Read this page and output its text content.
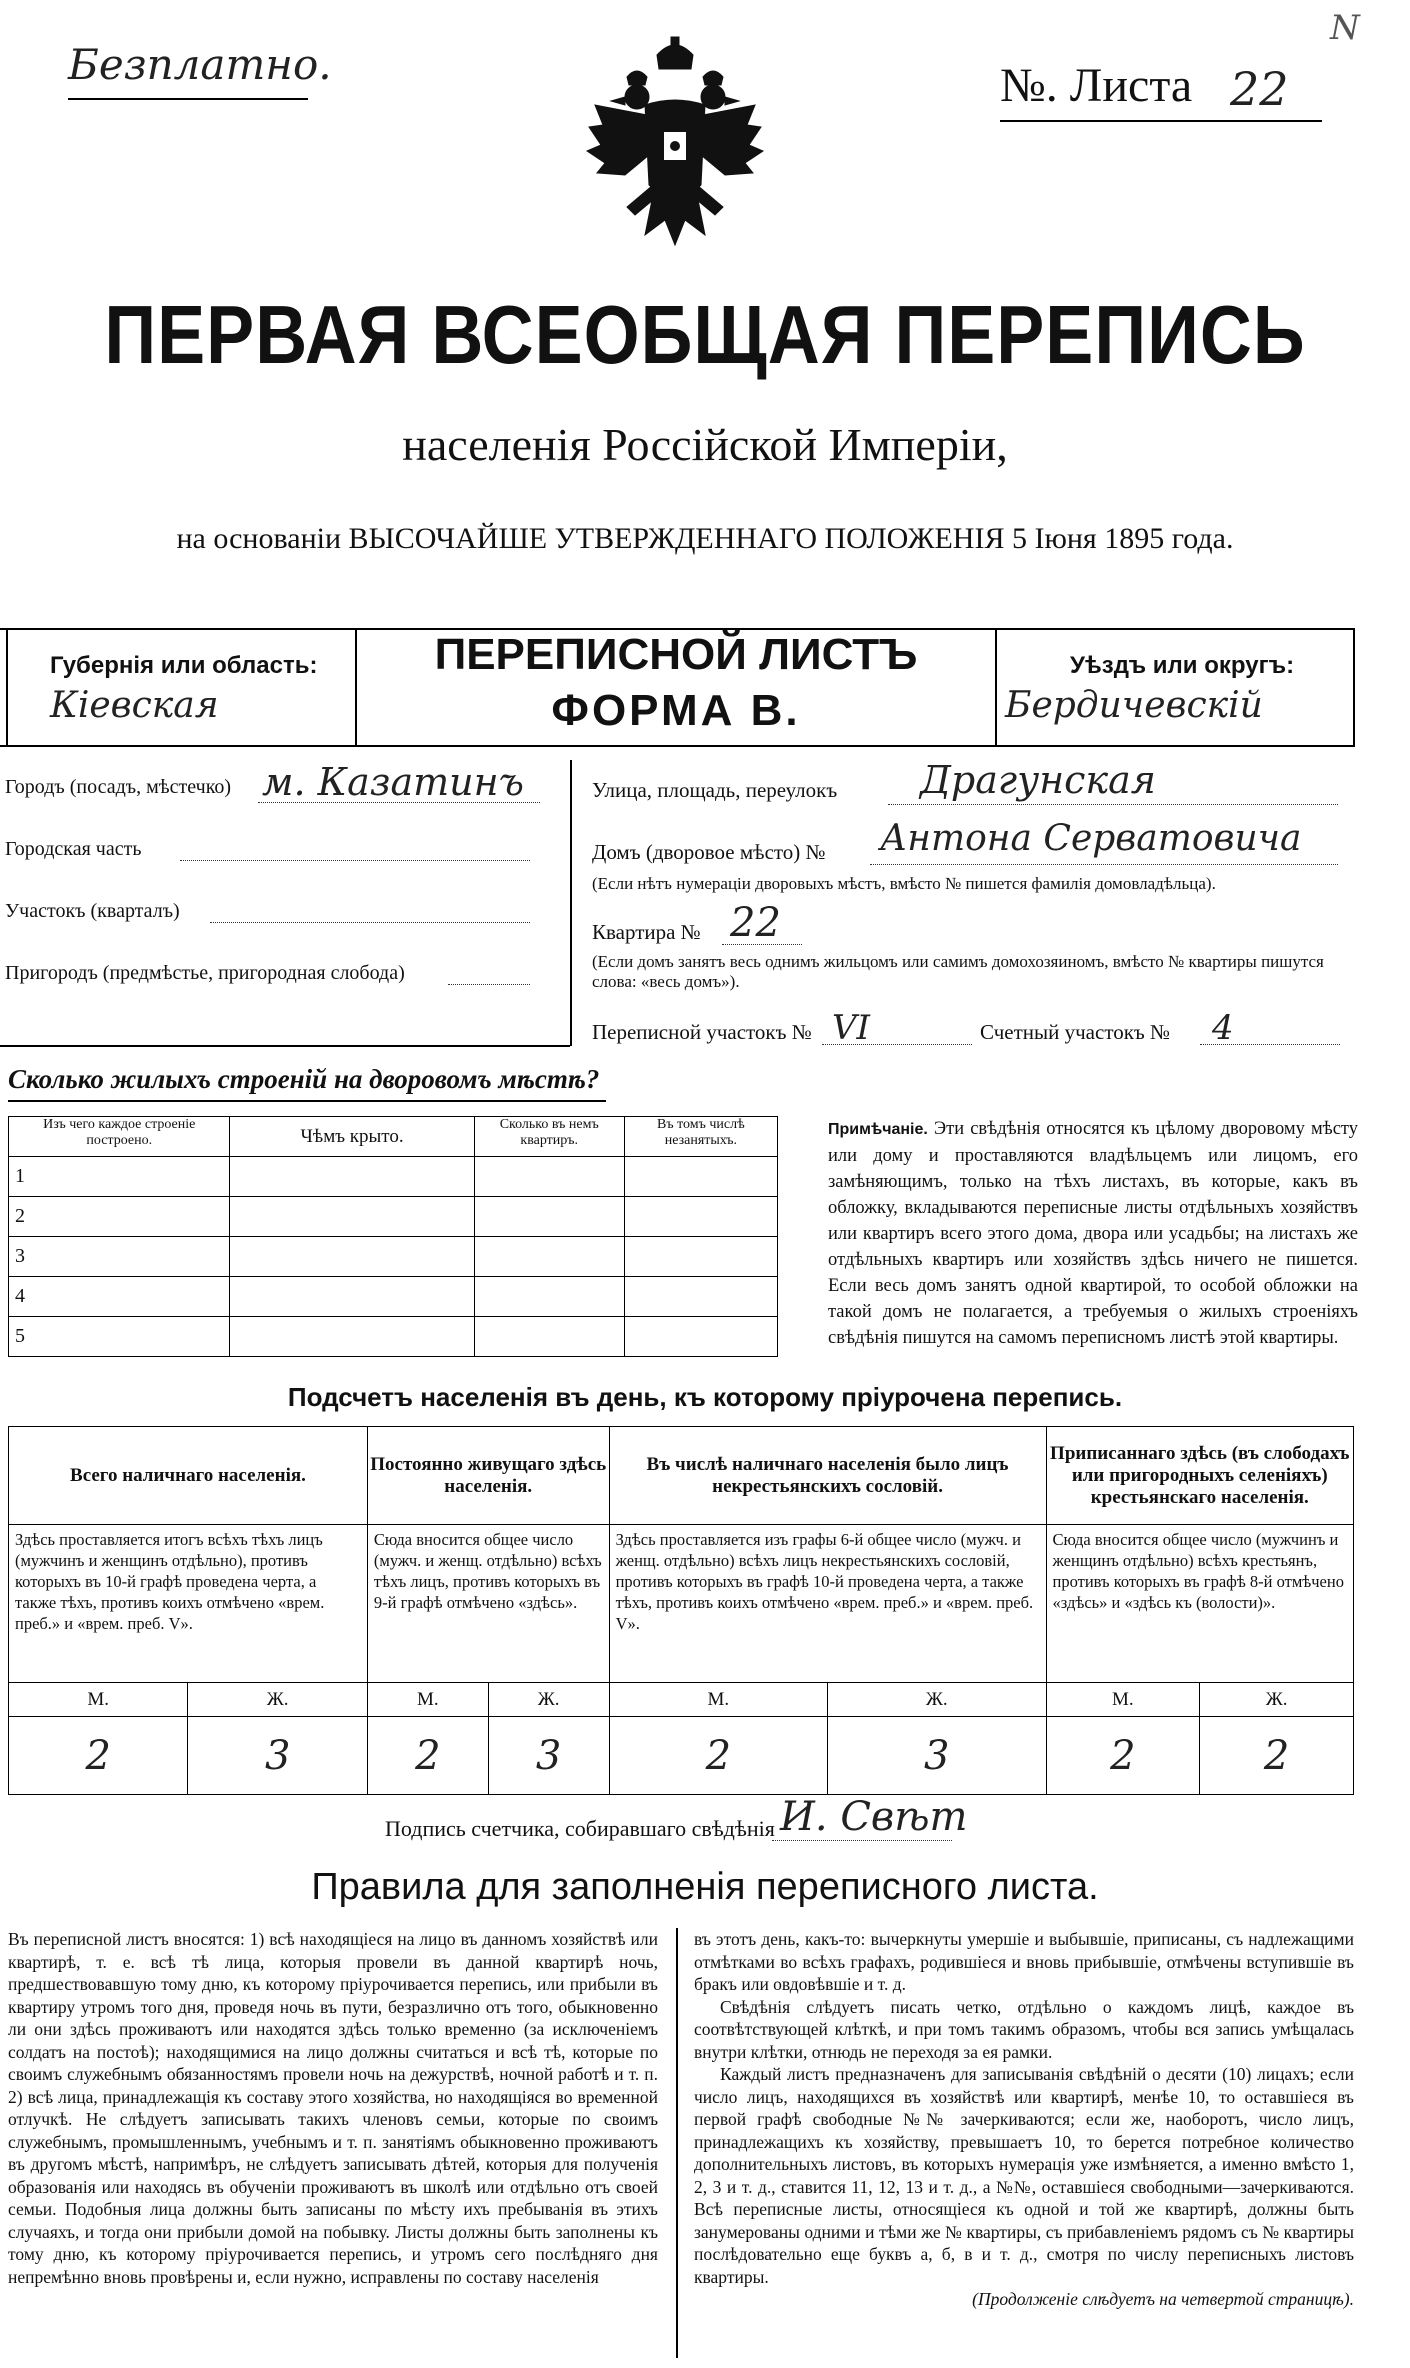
Безплатно.	№. Листа 22
N
ПЕРВАЯ ВСЕОБЩАЯ ПЕРЕПИСЬ
населенія Россійской Имперіи,
на основаніи ВЫСОЧАЙШЕ УТВЕРЖДЕННАГО ПОЛОЖЕНІЯ 5 Іюня 1895 года.
Губернія или область:
Кіевская
ПЕРЕПИСНОЙ ЛИСТЪ
ФОРМА В.
Уѣздъ или округъ:
Бердичевскій
Городъ (посадъ, мѣстечко) м. Казатинъ
Городская часть
Участокъ (кварталъ)
Пригородъ (предмѣстье, пригородная слобода)
Улица, площадь, переулокъ Драгунская
Домъ (дворовое мѣсто) № Антона Серватовича
(Если нѣтъ нумераціи дворовыхъ мѣстъ, вмѣсто № пишется фамилія домовладѣльца).
Квартира № 22
(Если домъ занятъ весь однимъ жильцомъ или самимъ домохозяиномъ, вмѣсто № квартиры пишутся слова: «весь домъ»).
Переписной участокъ № VI	Счетный участокъ № 4
Сколько жилыхъ строеній на дворовомъ мѣстѣ?
Изъ чего каждое строеніе построено.	Чѣмъ крыто.	Сколько въ немъ квартиръ.	Въ томъ числѣ незанятыхъ.
1			
2			
3			
4			
5			
Примѣчаніе. Эти свѣдѣнія относятся къ цѣлому дворовому мѣсту или дому и проставляются владѣльцемъ или лицомъ, его замѣняющимъ, только на тѣхъ листахъ, въ которые, какъ въ обложку, вкладываются переписные листы отдѣльныхъ хозяйствъ или квартиръ всего этого дома, двора или усадьбы; на листахъ же отдѣльныхъ квартиръ или хозяйствъ здѣсь ничего не пишется. Если весь домъ занятъ одной квартирой, то особой обложки на такой домъ не полагается, а требуемыя о жилыхъ строеніяхъ свѣдѣнія пишутся на самомъ переписномъ листѣ этой квартиры.
Подсчетъ населенія въ день, къ которому пріурочена перепись.
Всего наличнаго населенія.		Постоянно живущаго здѣсь населенія.		Въ числѣ наличнаго населенія было лицъ некрестьянскихъ сословій.		Приписаннаго здѣсь (въ слободахъ или пригородныхъ селеніяхъ) крестьянскаго населенія.	
Здѣсь проставляется итогъ всѣхъ тѣхъ лицъ (мужчинъ и женщинъ отдѣльно), противъ которыхъ въ 10-й графѣ проведена черта, а также тѣхъ, противъ коихъ отмѣчено «врем. преб.» и «врем. преб. V».		Сюда вносится общее число (мужч. и женщ. отдѣльно) всѣхъ тѣхъ лицъ, противъ которыхъ въ 9-й графѣ отмѣчено «здѣсь».		Здѣсь проставляется изъ графы 6-й общее число (мужч. и женщ. отдѣльно) всѣхъ лицъ некрестьянскихъ сословій, противъ которыхъ въ графѣ 10-й проведена черта, а также тѣхъ, противъ коихъ отмѣчено «врем. преб.» и «врем. преб. V».		Сюда вносится общее число (мужчинъ и женщинъ отдѣльно) всѣхъ крестьянъ, противъ которыхъ въ графѣ 8-й отмѣчено «здѣсь» и «здѣсь къ (волости)».	
М.	Ж.	М.	Ж.	М.	Ж.	М.	Ж.
2	3	2	3	2	3	2	2
Подпись счетчика, собиравшаго свѣдѣнія И. Свѣт
Правила для заполненія переписного листа.
Въ переписной листъ вносятся: 1) всѣ находящіеся на лицо въ данномъ хозяйствѣ или квартирѣ, т. е. всѣ тѣ лица, которыя провели въ данной квартирѣ ночь, предшествовавшую тому дню, къ которому пріурочивается перепись, или прибыли въ квартиру утромъ того дня, проведя ночь въ пути, безразлично отъ того, обыкновенно ли они здѣсь проживаютъ или находятся здѣсь только временно (за исключеніемъ солдатъ на постоѣ); находящимися на лицо должны считаться и всѣ тѣ, которые по своимъ служебнымъ обязанностямъ провели ночь на дежурствѣ, ночной работѣ и т. п. 2) всѣ лица, принадлежащія къ составу этого хозяйства, но находящіяся во временной отлучкѣ. Не слѣдуетъ записывать такихъ членовъ семьи, которые по своимъ служебнымъ, промышленнымъ, учебнымъ и т. п. занятіямъ обыкновенно проживаютъ въ другомъ мѣстѣ, напримѣръ, не слѣдуетъ записывать дѣтей, которыя для полученія образованія или находясь въ обученіи проживаютъ въ школѣ или отдѣльно отъ своей семьи. Подобныя лица должны быть записаны по мѣсту ихъ пребыванія въ этихъ случаяхъ, и тогда они прибыли домой на побывку. Листы должны быть заполнены къ тому дню, къ которому пріурочивается перепись, и утромъ сего послѣдняго дня непремѣнно вновь провѣрены и, если нужно, исправлены по составу населенія
въ этотъ день, какъ-то: вычеркнуты умершіе и выбывшіе, приписаны, съ надлежащими отмѣтками во всѣхъ графахъ, родившіеся и вновь прибывшіе, отмѣчены вступившіе въ бракъ или овдовѣвшіе и т. д.
Свѣдѣнія слѣдуетъ писать четко, отдѣльно о каждомъ лицѣ, каждое въ соотвѣтствующей клѣткѣ, и при томъ такимъ образомъ, чтобы вся запись умѣщалась внутри клѣтки, отнюдь не переходя за ея рамки.
Каждый листъ предназначенъ для записыванія свѣдѣній о десяти (10) лицахъ; если число лицъ, находящихся въ хозяйствѣ или квартирѣ, менѣе 10, то оставшіеся въ первой графѣ свободные №№ зачеркиваются; если же, наоборотъ, число лицъ, принадлежащихъ къ хозяйству, превышаетъ 10, то берется потребное количество дополнительныхъ листовъ, въ которыхъ нумерація уже измѣняется, а именно вмѣсто 1, 2, 3 и т. д., ставится 11, 12, 13 и т. д., а №№, оставшіеся свободными—зачеркиваются. Всѣ переписные листы, относящіеся къ одной и той же квартирѣ, должны быть занумерованы одними и тѣми же № квартиры, съ прибавленіемъ рядомъ съ № квартиры послѣдовательно еще буквъ а, б, в и т. д., смотря по числу переписныхъ листовъ квартиры.
(Продолженіе слѣдуетъ на четвертой страницѣ).
